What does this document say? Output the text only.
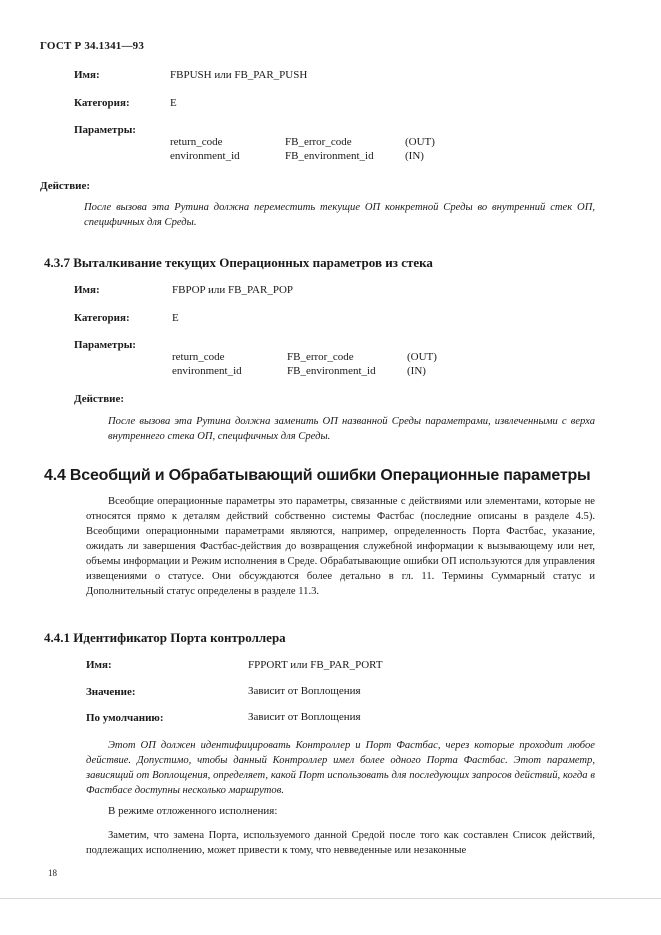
ГОСТ Р 34.1341—93
Имя:	FBPUSH или FB_PAR_PUSH
Категория:	E
Параметры:
return_code	FB_error_code	(OUT)
environment_id	FB_environment_id	(IN)
Действие:
После вызова эта Рутина должна переместить текущие ОП конкретной Среды во внутренний стек ОП, специфичных для Среды.
4.3.7 Выталкивание текущих Операционных параметров из стека
Имя:	FBPOP или FB_PAR_POP
Категория:	E
Параметры:
return_code	FB_error_code	(OUT)
environment_id	FB_environment_id	(IN)
Действие:
После вызова эта Рутина должна заменить ОП названной Среды параметрами, извлеченными с верха внутреннего стека ОП, специфичных для Среды.
4.4 Всеобщий и Обрабатывающий ошибки Операционные параметры
Всеобщие операционные параметры это параметры, связанные с действиями или элементами, которые не относятся прямо к деталям действий собственно системы Фастбас (последние описаны в разделе 4.5). Всеобщими операционными параметрами являются, например, определенность Порта Фастбас, указание, ожидать ли завершения Фастбас-действия до возвращения служебной информации к вызывающему или нет, объемы информации и Режим исполнения в Среде. Обрабатывающие ошибки ОП используются для управления извещениями о статусе. Они обсуждаются более детально в гл. 11. Термины Суммарный статус и Дополнительный статус определены в разделе 11.3.
4.4.1 Идентификатор Порта контроллера
Имя:	FPPORT или FB_PAR_PORT
Значение:	Зависит от Воплощения
По умолчанию:	Зависит от Воплощения
Этот ОП должен идентифицировать Контроллер и Порт Фастбас, через которые проходит любое действие. Допустимо, чтобы данный Контроллер имел более одного Порта Фастбас. Этот параметр, зависящий от Воплощения, определяет, какой Порт использовать для последующих запросов действий, когда в Фастбасе доступны несколько маршрутов.
В режиме отложенного исполнения:
Заметим, что замена Порта, используемого данной Средой после того как составлен Список действий, подлежащих исполнению, может привести к тому, что невведенные или незаконные
18
